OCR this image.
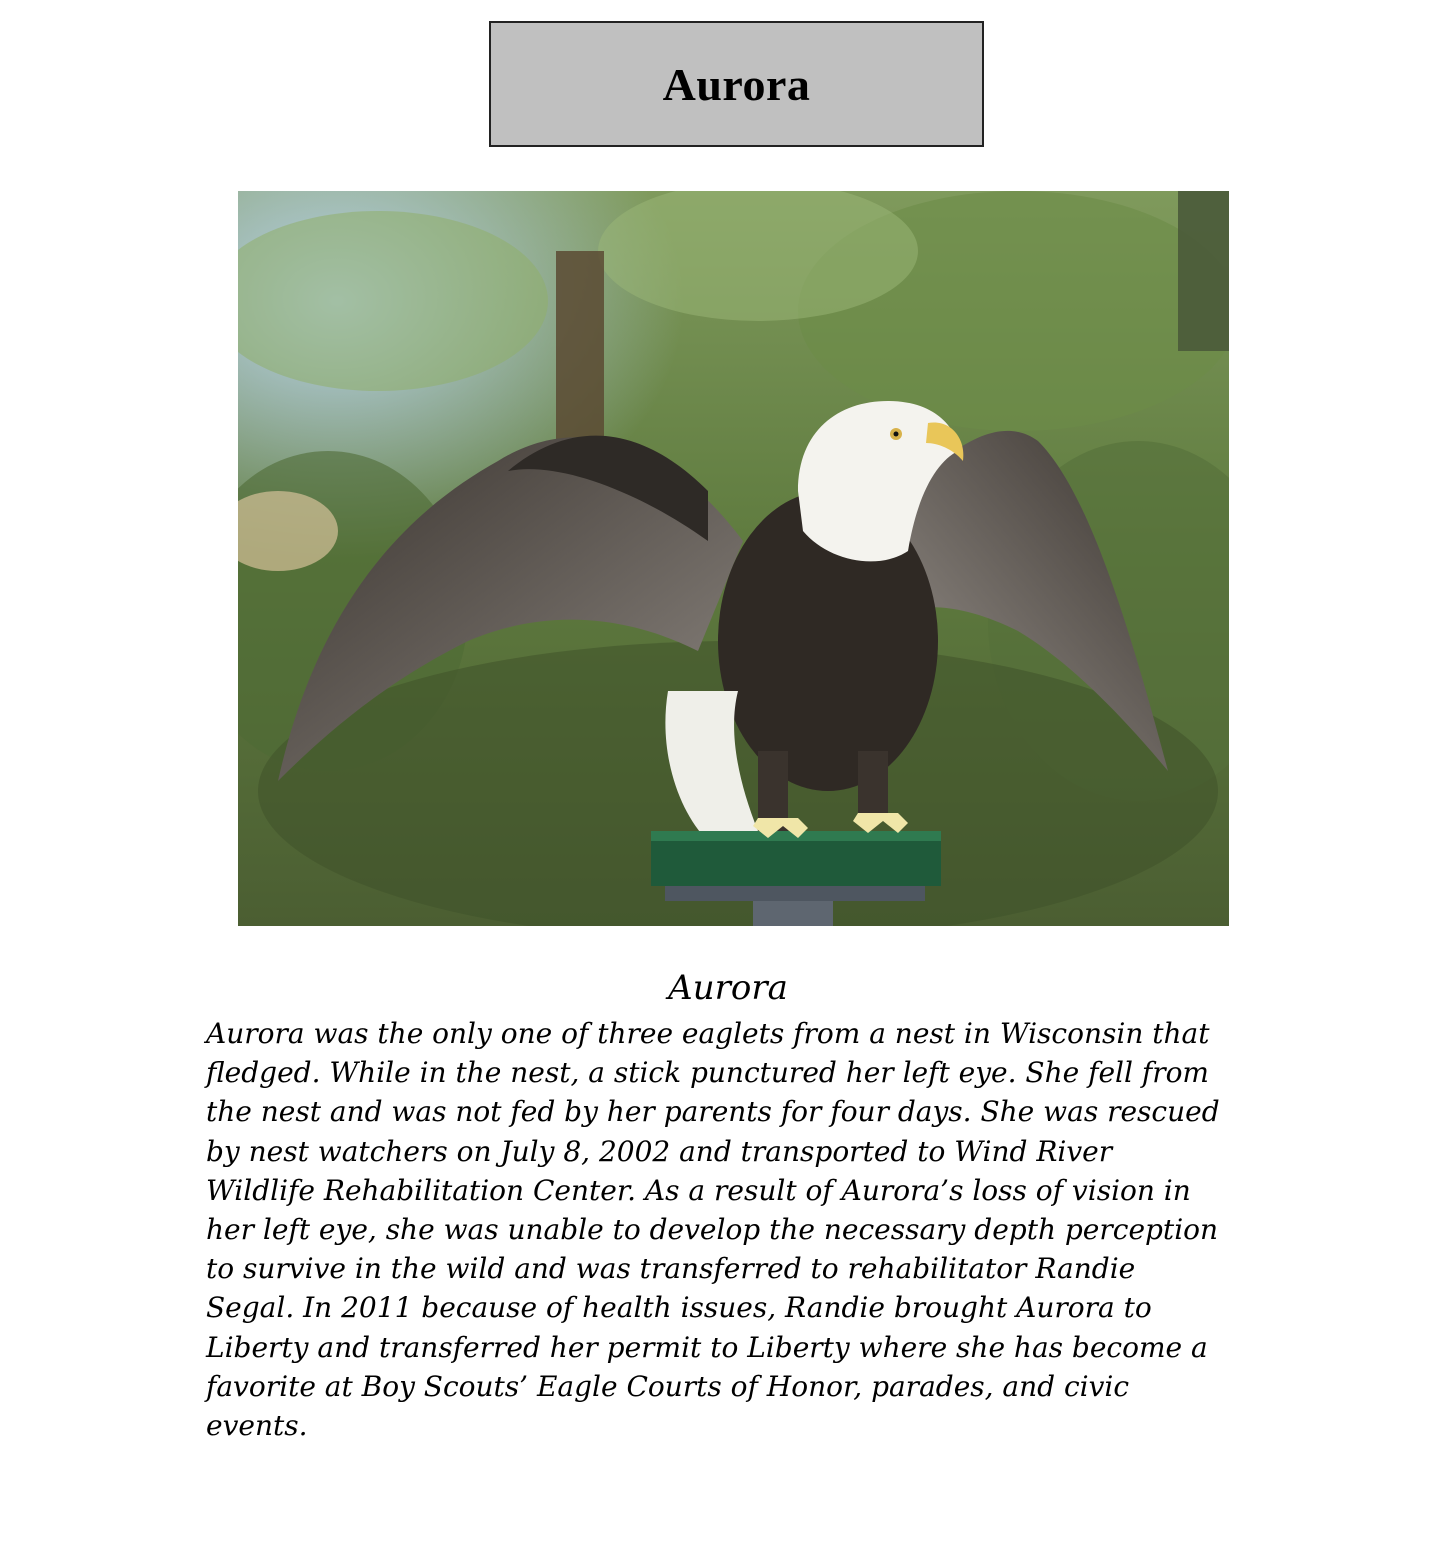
Aurora
Aurora

Aurora was the only one of three eaglets from a nest in Wisconsin that
fledged. While in the nest, a stick punctured her left eye. She fell from
the nest and was not fed by her parents for four days. She was rescued
by nest watchers on July 8, 2002 and transported to Wind River
Wildlife Rehabilitation Center. As a result of Aurora’s loss of vision in
her left eye, she was unable to develop the necessary depth perception
to survive in the wild and was transferred to rehabilitator Randie
Segal. In 2011 because of health issues, Randie brought Aurora to
Liberty and transferred her permit to Liberty where she has become a
favorite at Boy Scouts’ Eagle Courts of Honor, parades, and civic
events.
